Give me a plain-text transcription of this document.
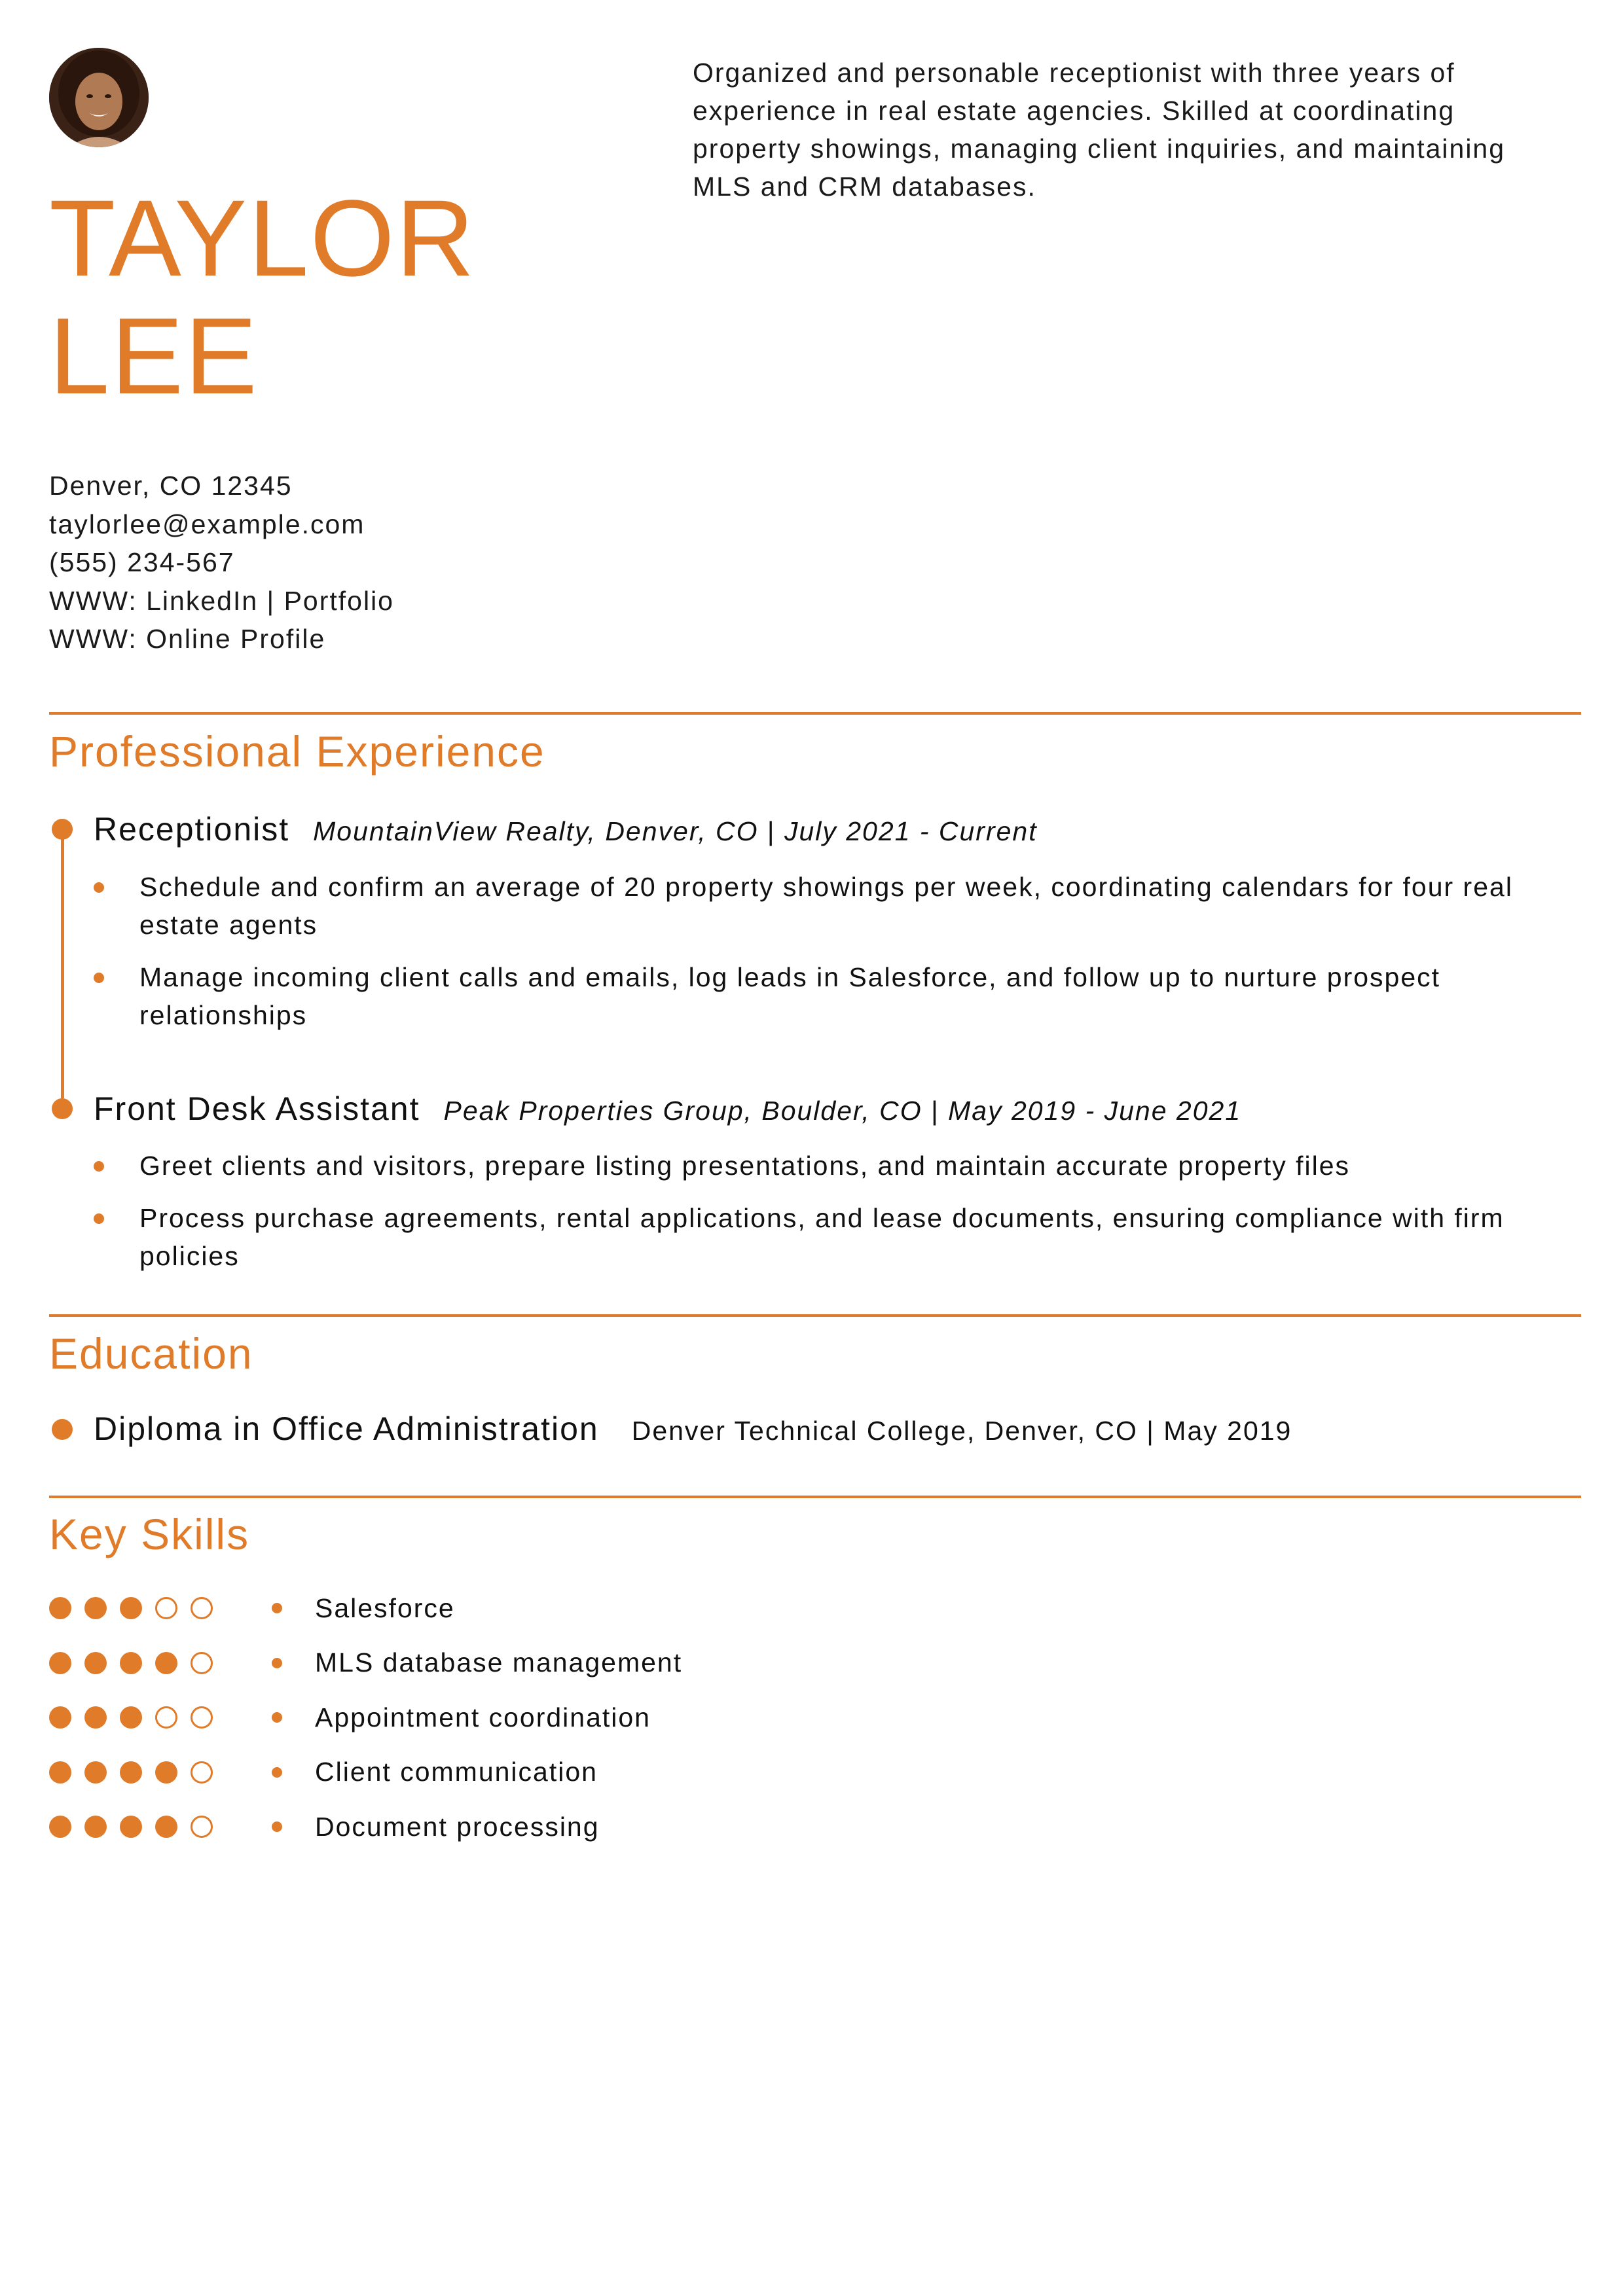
TAYLOR
LEE

Organized and personable receptionist with three years of experience in real estate agencies. Skilled at coordinating property showings, managing client inquiries, and maintaining MLS and CRM databases.

Denver, CO 12345
taylorlee@example.com
(555) 234-567
WWW: LinkedIn | Portfolio
WWW: Online Profile
Professional Experience
Receptionist MountainView Realty, Denver, CO | July 2021 - Current
Schedule and confirm an average of 20 property showings per week, coordinating calendars for four real estate agents
Manage incoming client calls and emails, log leads in Salesforce, and follow up to nurture prospect relationships
Front Desk Assistant Peak Properties Group, Boulder, CO | May 2019 - June 2021
Greet clients and visitors, prepare listing presentations, and maintain accurate property files
Process purchase agreements, rental applications, and lease documents, ensuring compliance with firm policies
Education
Diploma in Office Administration Denver Technical College, Denver, CO | May 2019
Key Skills
Salesforce
MLS database management
Appointment coordination
Client communication
Document processing
